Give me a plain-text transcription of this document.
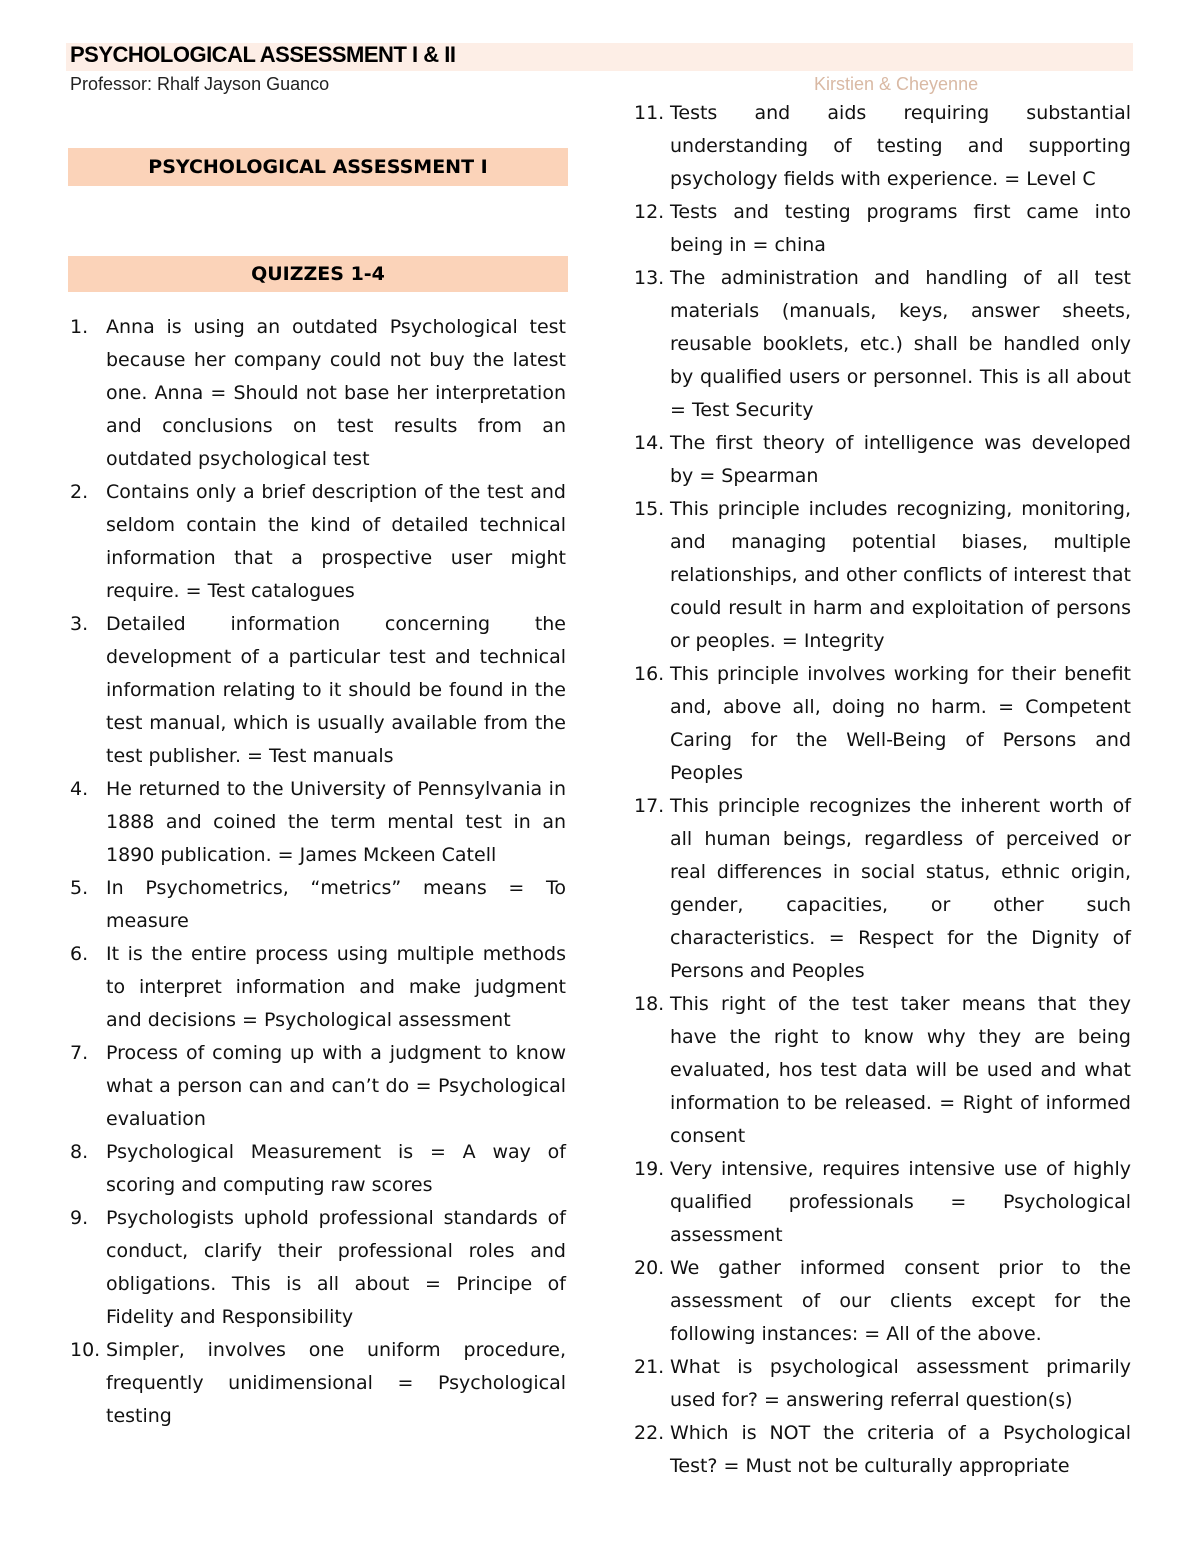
PSYCHOLOGICAL ASSESSMENT I & II
Professor: Rhalf Jayson Guanco	Kirstien & Cheyenne
PSYCHOLOGICAL ASSESSMENT I
QUIZZES 1-4
1. Anna is using an outdated Psychological test because her company could not buy the latest one. Anna = Should not base her interpretation and conclusions on test results from an outdated psychological test
2. Contains only a brief description of the test and seldom contain the kind of detailed technical information that a prospective user might require. = Test catalogues
3. Detailed information concerning the development of a particular test and technical information relating to it should be found in the test manual, which is usually available from the test publisher. = Test manuals
4. He returned to the University of Pennsylvania in 1888 and coined the term mental test in an 1890 publication. = James Mckeen Catell
5. In Psychometrics, “metrics” means = To measure
6. It is the entire process using multiple methods to interpret information and make judgment and decisions = Psychological assessment
7. Process of coming up with a judgment to know what a person can and can’t do = Psychological evaluation
8. Psychological Measurement is = A way of scoring and computing raw scores
9. Psychologists uphold professional standards of conduct, clarify their professional roles and obligations. This is all about = Principe of Fidelity and Responsibility
10. Simpler, involves one uniform procedure, frequently unidimensional = Psychological testing
11. Tests and aids requiring substantial understanding of testing and supporting psychology fields with experience. = Level C
12. Tests and testing programs first came into being in = china
13. The administration and handling of all test materials (manuals, keys, answer sheets, reusable booklets, etc.) shall be handled only by qualified users or personnel. This is all about = Test Security
14. The first theory of intelligence was developed by = Spearman
15. This principle includes recognizing, monitoring, and managing potential biases, multiple relationships, and other conflicts of interest that could result in harm and exploitation of persons or peoples. = Integrity
16. This principle involves working for their benefit and, above all, doing no harm. = Competent Caring for the Well-Being of Persons and Peoples
17. This principle recognizes the inherent worth of all human beings, regardless of perceived or real differences in social status, ethnic origin, gender, capacities, or other such characteristics. = Respect for the Dignity of Persons and Peoples
18. This right of the test taker means that they have the right to know why they are being evaluated, hos test data will be used and what information to be released. = Right of informed consent
19. Very intensive, requires intensive use of highly qualified professionals = Psychological assessment
20. We gather informed consent prior to the assessment of our clients except for the following instances: = All of the above.
21. What is psychological assessment primarily used for? = answering referral question(s)
22. Which is NOT the criteria of a Psychological Test? = Must not be culturally appropriate
